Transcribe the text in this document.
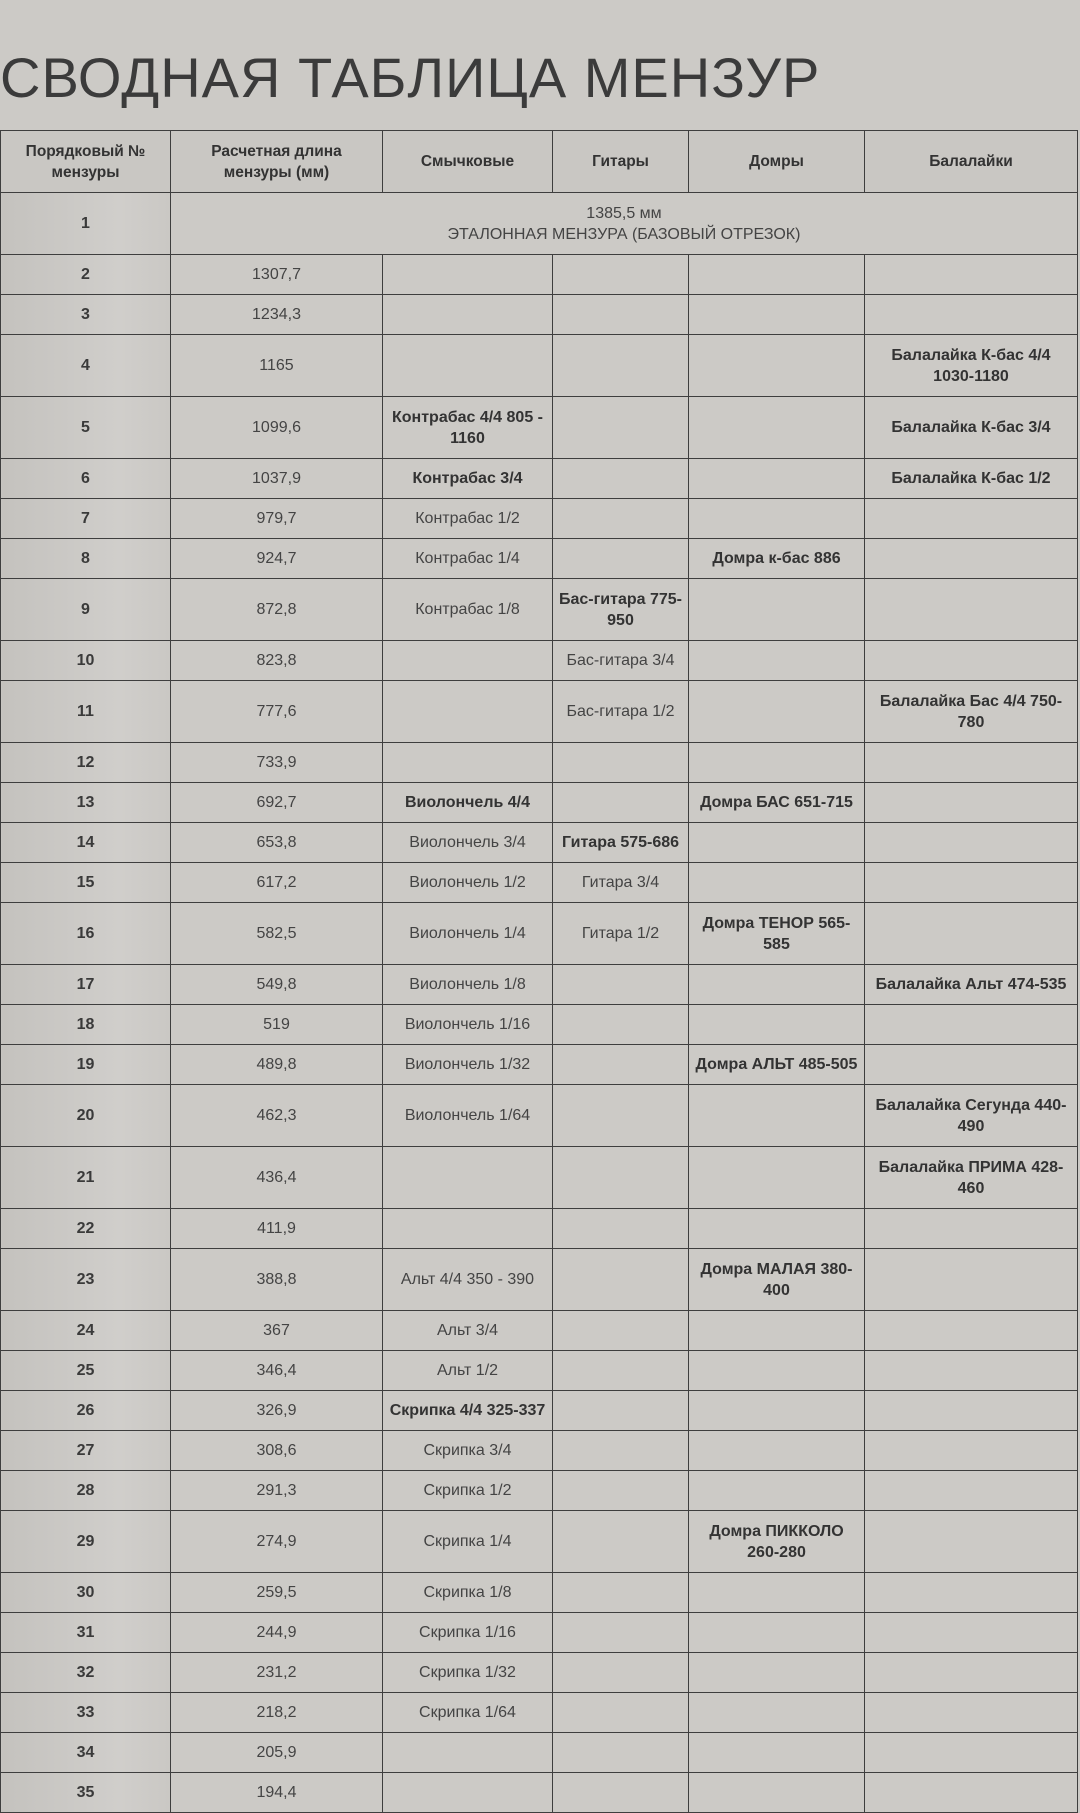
СВОДНАЯ ТАБЛИЦА МЕНЗУР
Порядковый № мензуры	Расчетная длина мензуры (мм)	Смычковые	Гитары	Домры	Балалайки
1	1385,5 мм
ЭТАЛОННАЯ МЕНЗУРА (БАЗОВЫЙ ОТРЕЗОК)				

2	1307,7				
3	1234,3				
4	1165				Балалайка К-бас 4/4 1030-1180
5	1099,6	Контрабас 4/4 805 - 1160			Балалайка К-бас 3/4
6	1037,9	Контрабас 3/4			Балалайка К-бас 1/2
7	979,7	Контрабас 1/2			
8	924,7	Контрабас 1/4		Домра к-бас 886	
9	872,8	Контрабас 1/8	Бас-гитара 775-950		
10	823,8		Бас-гитара 3/4		
11	777,6		Бас-гитара 1/2		Балалайка Бас 4/4 750-780
12	733,9				
13	692,7	Виолончель 4/4		Домра БАС 651-715	
14	653,8	Виолончель 3/4	Гитара 575-686		
15	617,2	Виолончель 1/2	Гитара 3/4		
16	582,5	Виолончель 1/4	Гитара 1/2	Домра ТЕНОР 565-585	
17	549,8	Виолончель 1/8			Балалайка Альт 474-535
18	519	Виолончель 1/16			
19	489,8	Виолончель 1/32		Домра АЛЬТ 485-505	
20	462,3	Виолончель 1/64			Балалайка Сегунда 440-490
21	436,4				Балалайка ПРИМА 428-460
22	411,9				
23	388,8	Альт 4/4 350 - 390		Домра МАЛАЯ 380-400	
24	367	Альт 3/4			
25	346,4	Альт 1/2			
26	326,9	Скрипка 4/4 325-337			
27	308,6	Скрипка 3/4			
28	291,3	Скрипка 1/2			
29	274,9	Скрипка 1/4		Домра ПИККОЛО 260-280	
30	259,5	Скрипка 1/8			
31	244,9	Скрипка 1/16			
32	231,2	Скрипка 1/32			
33	218,2	Скрипка 1/64			
34	205,9				
35	194,4				
